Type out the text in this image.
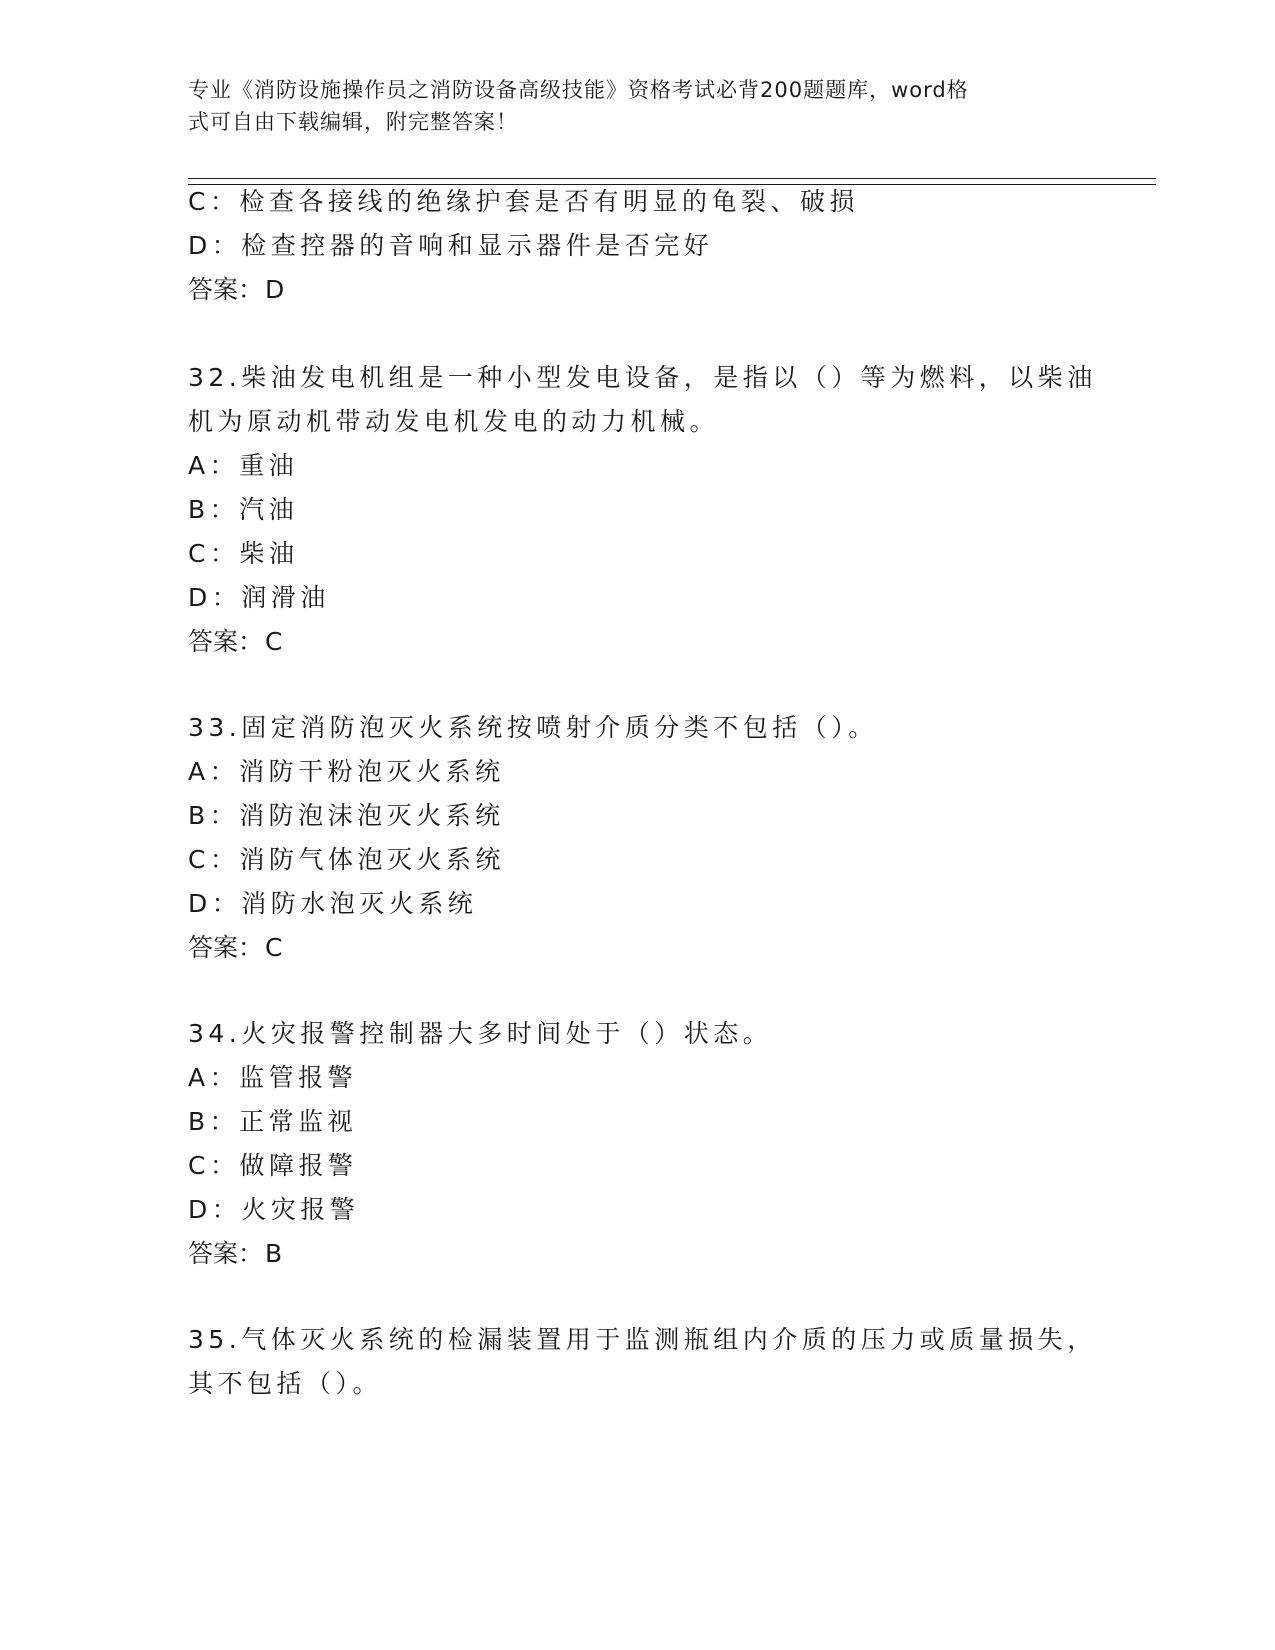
专业《消防设施操作员之消防设备高级技能》资格考试必背200题题库，word格
式可自由下载编辑，附完整答案！
C：检查各接线的绝缘护套是否有明显的龟裂、破损
D：检查控器的音响和显示器件是否完好
答案：D
32.柴油发电机组是一种小型发电设备，是指以（）等为燃料，以柴油
机为原动机带动发电机发电的动力机械。
A：重油
B：汽油
C：柴油
D：润滑油
答案：C
33.固定消防泡灭火系统按喷射介质分类不包括（）。
A：消防干粉泡灭火系统
B：消防泡沫泡灭火系统
C：消防气体泡灭火系统
D：消防水泡灭火系统
答案：C
34.火灾报警控制器大多时间处于（）状态。
A：监管报警
B：正常监视
C：做障报警
D：火灾报警
答案：B
35.气体灭火系统的检漏装置用于监测瓶组内介质的压力或质量损失，
其不包括（）。
